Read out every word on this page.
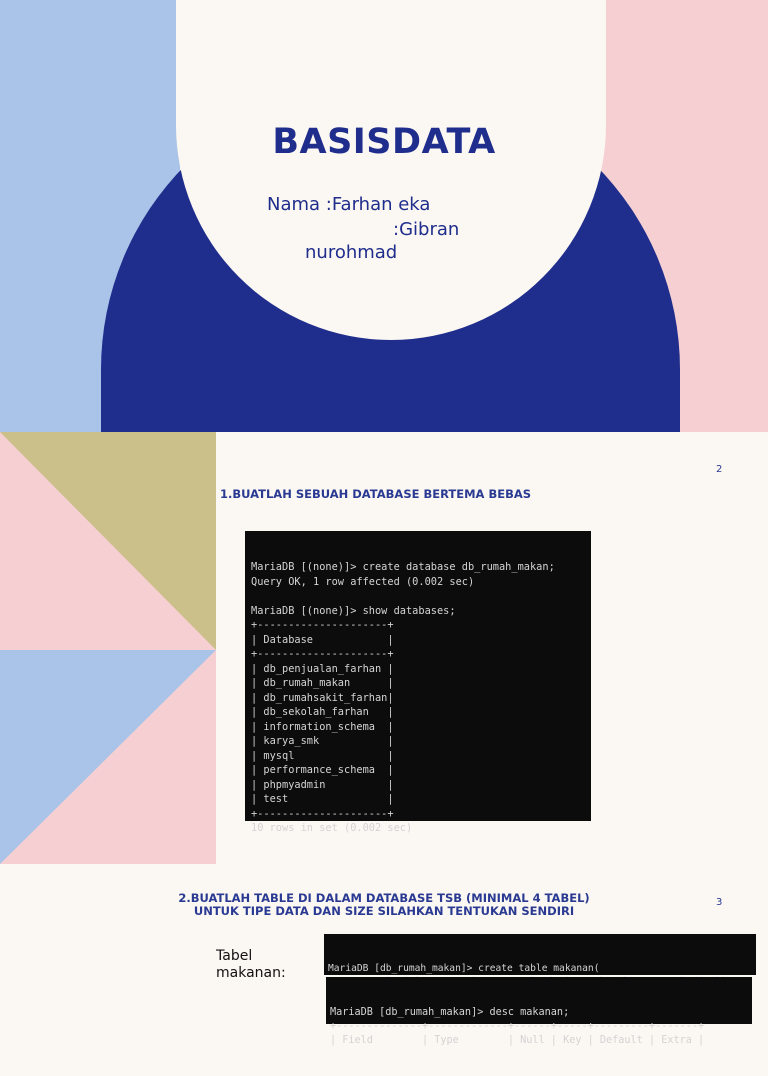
BASISDATA
Nama :Farhan eka
:Gibran
nurohmad
2
1.BUATLAH SEBUAH DATABASE BERTEMA BEBAS

MariaDB [(none)]> create database db_rumah_makan;
Query OK, 1 row affected (0.002 sec)
MariaDB [(none)]> show databases;
+---------------------+
| Database            |
+---------------------+
| db_penjualan_farhan |
| db_rumah_makan      |
| db_rumahsakit_farhan|
| db_sekolah_farhan   |
| information_schema  |
| karya_smk           |
| mysql               |
| performance_schema  |
| phpmyadmin          |
| test                |
+---------------------+
10 rows in set (0.002 sec)

3
2.BUATLAH TABLE DI DALAM DATABASE TSB (MINIMAL 4 TABEL)
UNTUK TIPE DATA DAN SIZE SILAHKAN TENTUKAN SENDIRI
Tabel
makanan:

	MariaDB [db_rumah_makan]> create table makanan(

MariaDB [db_rumah_makan]> desc makanan;
+--------------+-------------+------+-----+---------+-------+
| Field        | Type        | Null | Key | Default | Extra |
